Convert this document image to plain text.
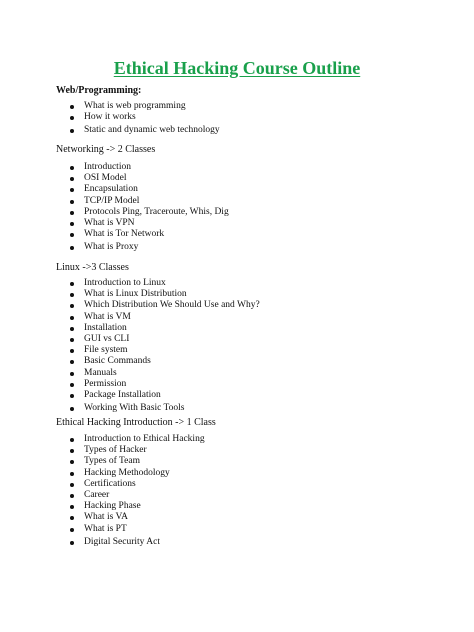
Ethical Hacking Course Outline
Web/Programming:
What is web programming
How it works
Static and dynamic web technology
Networking -> 2 Classes
Introduction
OSI Model
Encapsulation
TCP/IP Model
Protocols Ping, Traceroute, Whis, Dig
What is VPN
What is Tor Network
What is Proxy
Linux ->3 Classes
Introduction to Linux
What is Linux Distribution
Which Distribution We Should Use and Why?
What is VM
Installation
GUI vs CLI
File system
Basic Commands
Manuals
Permission
Package Installation
Working With Basic Tools
Ethical Hacking Introduction -> 1 Class
Introduction to Ethical Hacking
Types of Hacker
Types of Team
Hacking Methodology
Certifications
Career
Hacking Phase
What is VA
What is PT
Digital Security Act
